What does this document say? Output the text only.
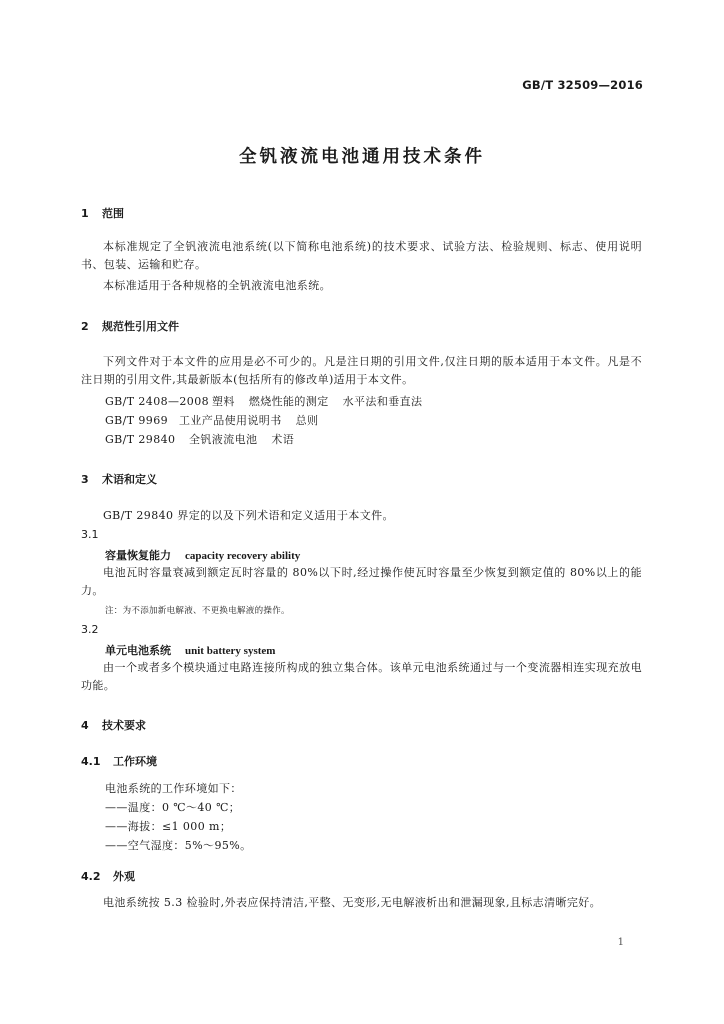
GB/T 32509—2016
全钒液流电池通用技术条件
1 范围
本标准规定了全钒液流电池系统(以下简称电池系统)的技术要求、试验方法、检验规则、标志、使用说明书、包装、运输和贮存。
本标准适用于各种规格的全钒液流电池系统。
2 规范性引用文件
下列文件对于本文件的应用是必不可少的。凡是注日期的引用文件,仅注日期的版本适用于本文件。凡是不注日期的引用文件,其最新版本(包括所有的修改单)适用于本文件。
GB/T 2408—2008 塑料 燃烧性能的测定 水平法和垂直法
GB/T 9969 工业产品使用说明书 总则
GB/T 29840 全钒液流电池 术语
3 术语和定义
GB/T 29840 界定的以及下列术语和定义适用于本文件。
3.1
容量恢复能力 capacity recovery ability
电池瓦时容量衰减到额定瓦时容量的 80%以下时,经过操作使瓦时容量至少恢复到额定值的 80%以上的能力。
注：为不添加新电解液、不更换电解液的操作。
3.2
单元电池系统 unit battery system
由一个或者多个模块通过电路连接所构成的独立集合体。该单元电池系统通过与一个变流器相连实现充放电功能。
4 技术要求
4.1 工作环境
电池系统的工作环境如下：
——温度：0 ℃～40 ℃；
——海拔：≤1 000 m；
——空气湿度：5%～95%。
4.2 外观
电池系统按 5.3 检验时,外表应保持清洁,平整、无变形,无电解液析出和泄漏现象,且标志清晰完好。
1
